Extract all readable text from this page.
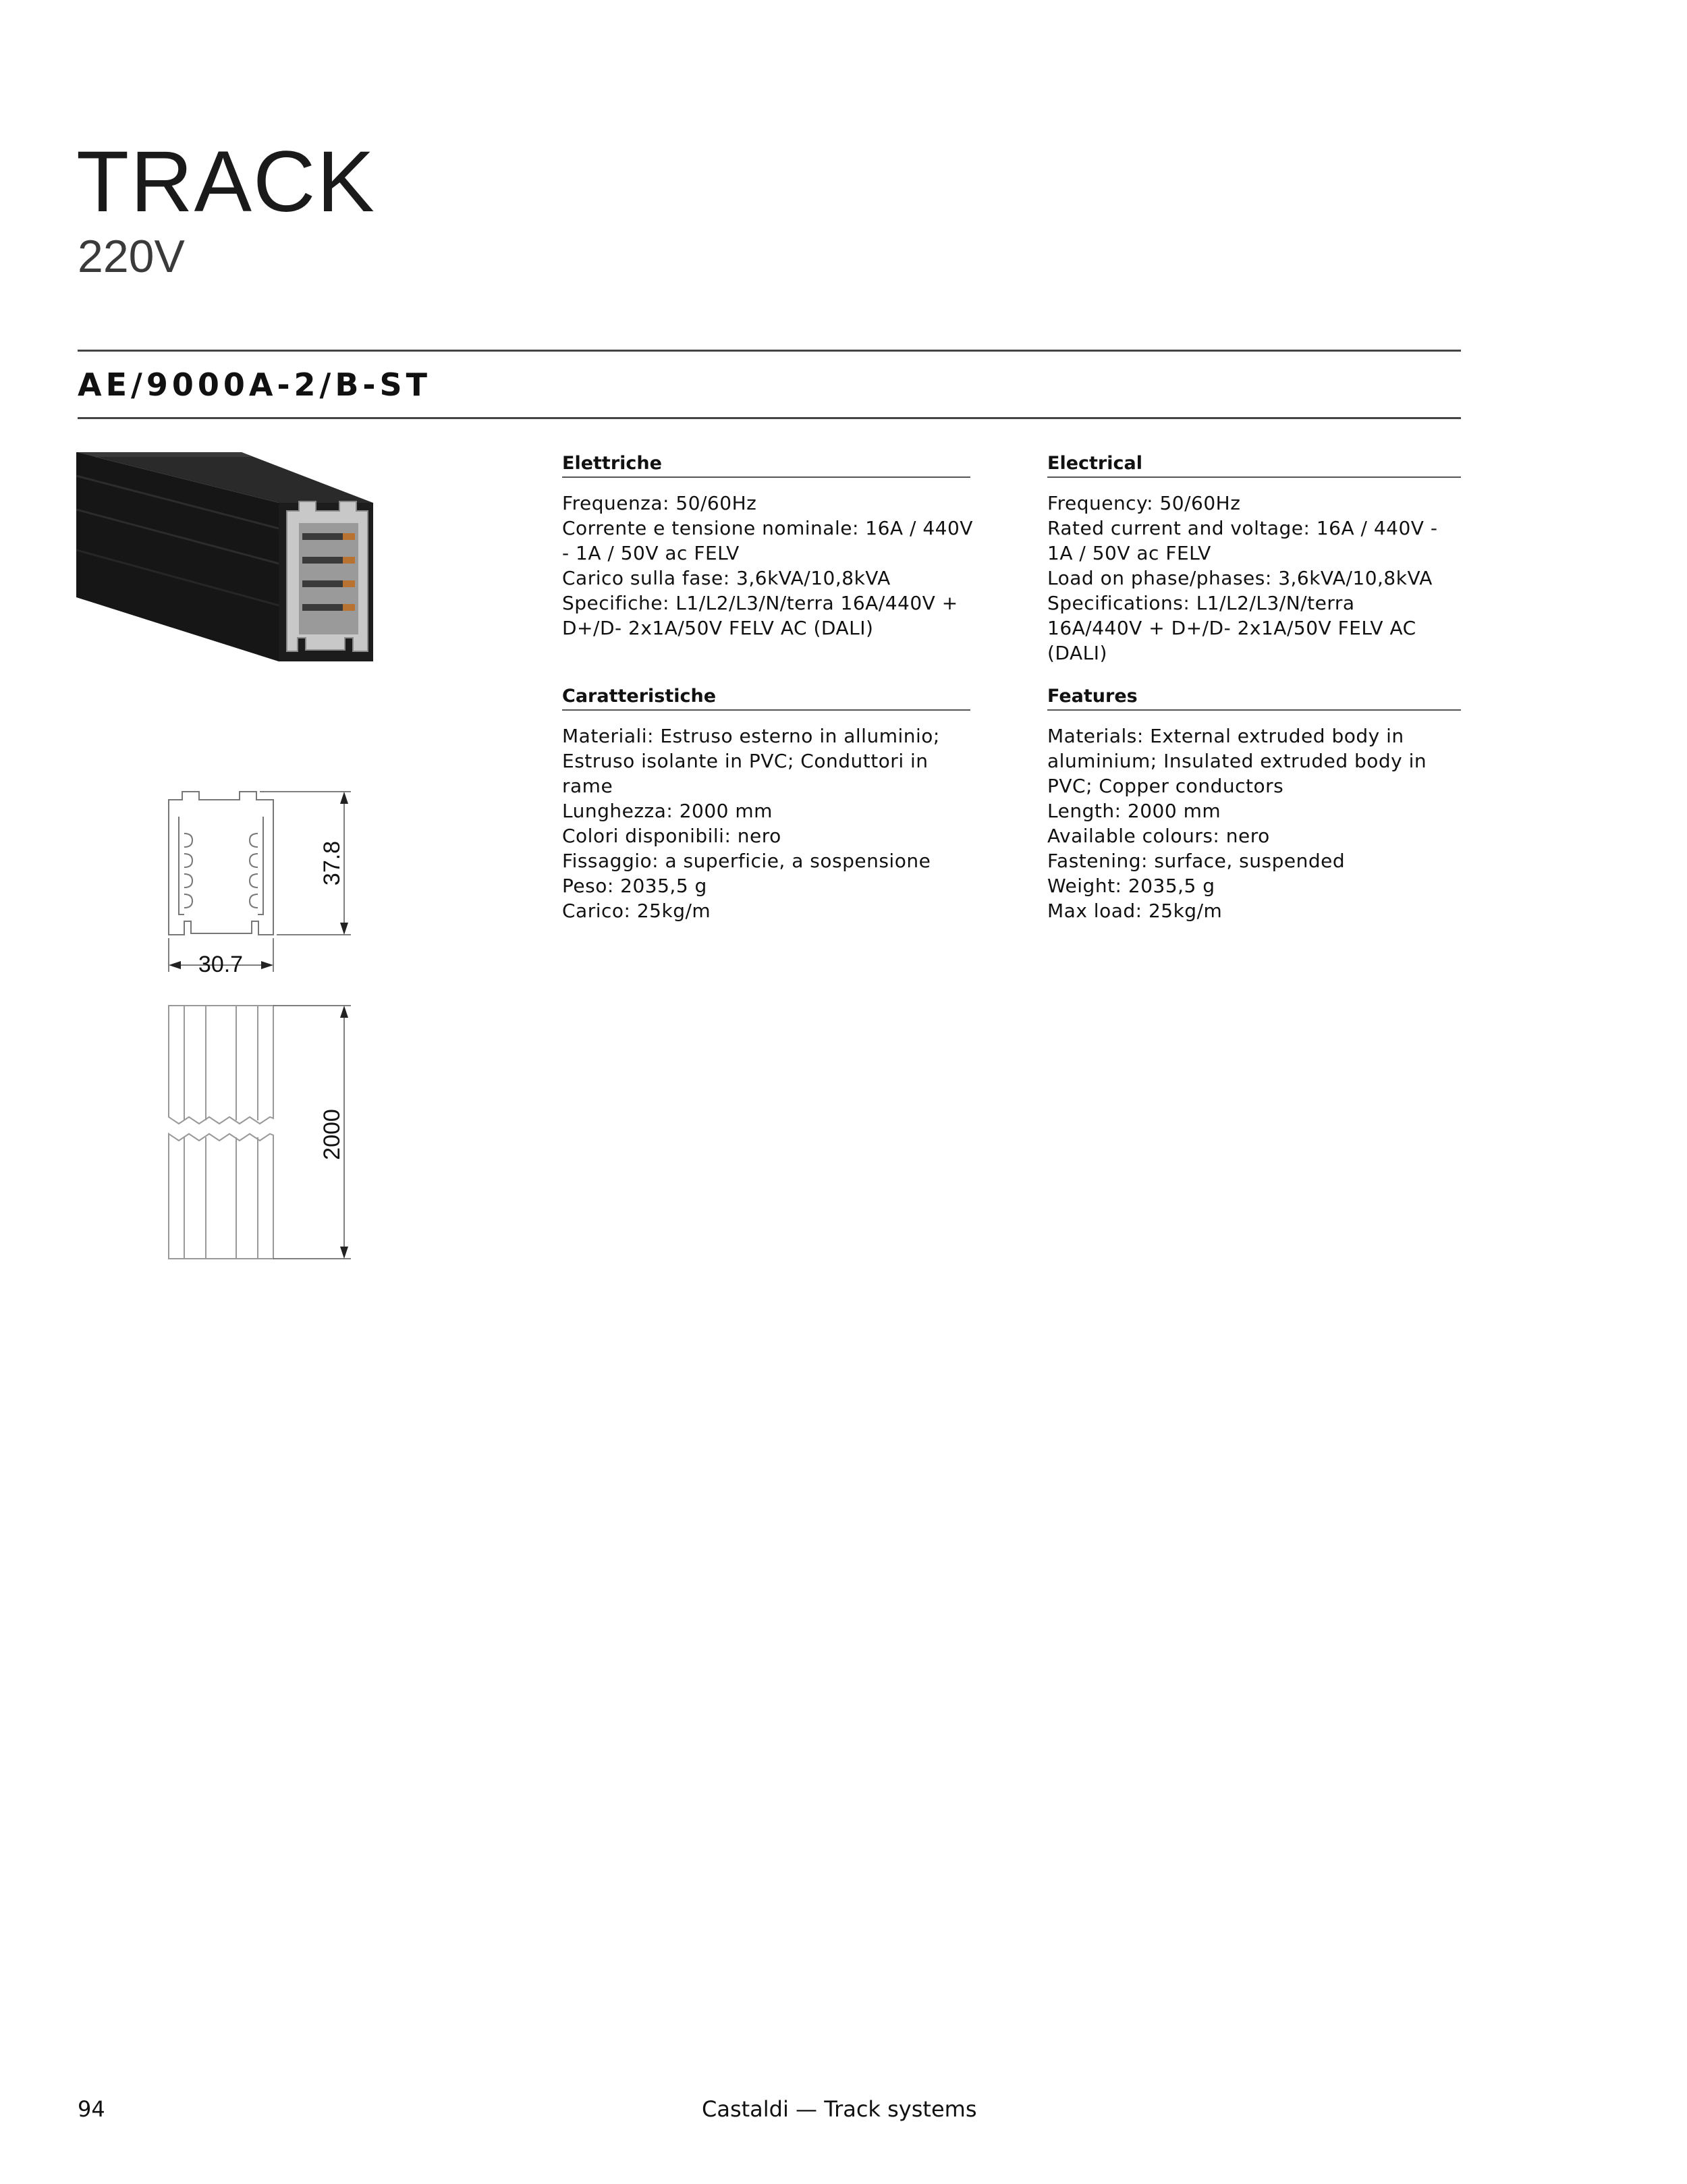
TRACK
220V
AE/9000A-2/B-ST
37.8
30.7
2000
Elettriche
Frequenza: 50/60Hz
Corrente e tensione nominale: 16A / 440V
- 1A / 50V ac FELV
Carico sulla fase: 3,6kVA/10,8kVA
Specifiche: L1/L2/L3/N/terra 16A/440V +
D+/D- 2x1A/50V FELV AC (DALI)
Caratteristiche
Materiali: Estruso esterno in alluminio;
Estruso isolante in PVC; Conduttori in
rame
Lunghezza: 2000 mm
Colori disponibili: nero
Fissaggio: a superficie, a sospensione
Peso: 2035,5 g
Carico: 25kg/m
Electrical
Frequency: 50/60Hz
Rated current and voltage: 16A / 440V -
1A / 50V ac FELV
Load on phase/phases: 3,6kVA/10,8kVA
Specifications: L1/L2/L3/N/terra
16A/440V + D+/D- 2x1A/50V FELV AC
(DALI)
Features
Materials: External extruded body in
aluminium; Insulated extruded body in
PVC; Copper conductors
Length: 2000 mm
Available colours: nero
Fastening: surface, suspended
Weight: 2035,5 g
Max load: 25kg/m
94	Castaldi — Track systems
